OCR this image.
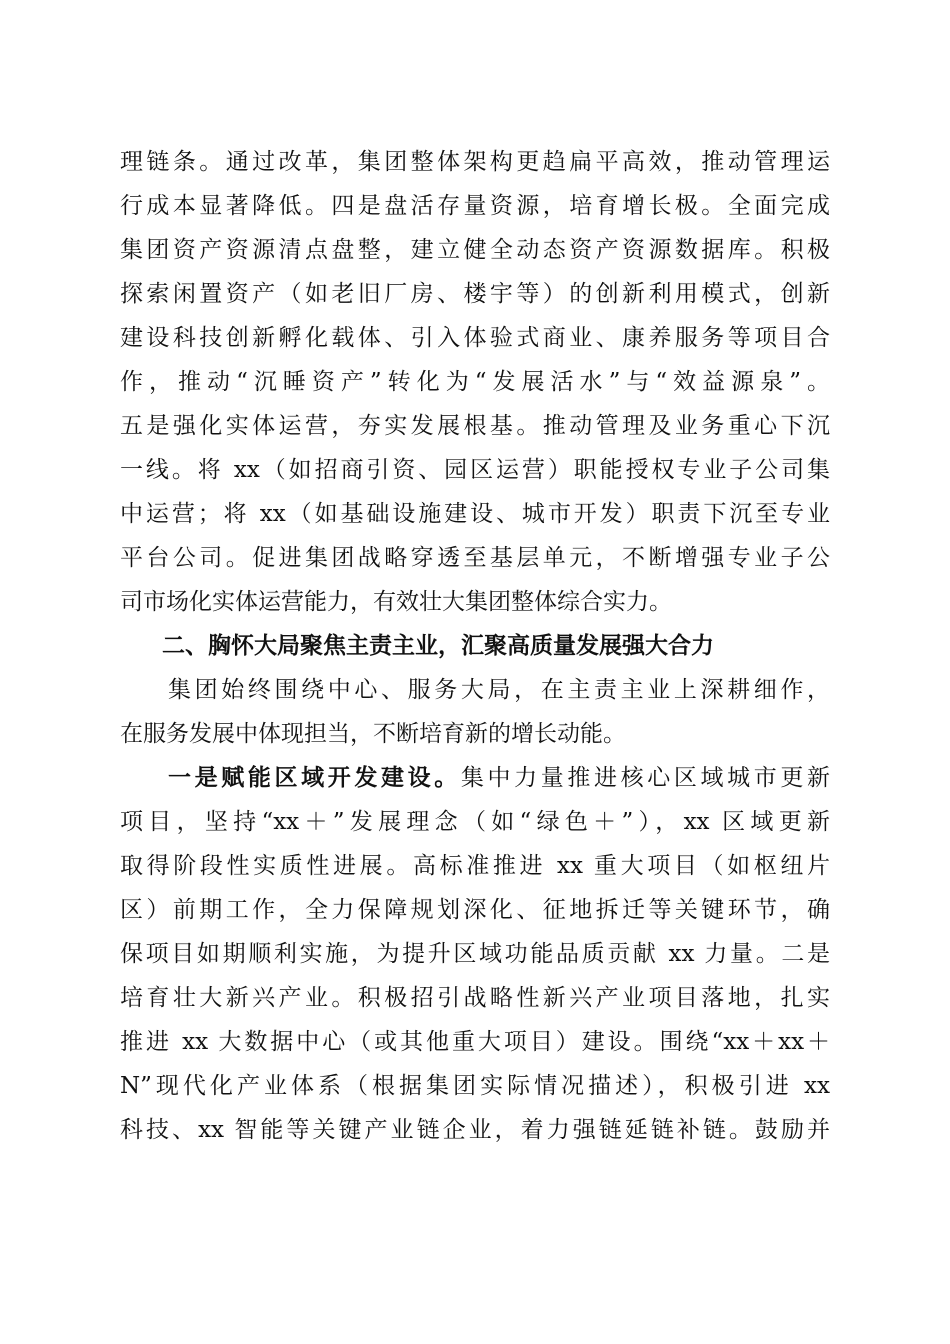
理链条。通过改革，集团整体架构更趋扁平高效，推动管理运
行成本显著降低。四是盘活存量资源，培育增长极。全面完成
集团资产资源清点盘整，建立健全动态资产资源数据库。积极
探索闲置资产（如老旧厂房、楼宇等）的创新利用模式，创新
建设科技创新孵化载体、引入体验式商业、康养服务等项目合
作，推动“沉睡资产”转化为“发展活水”与“效益源泉”。
五是强化实体运营，夯实发展根基。推动管理及业务重心下沉
一线。将 xx（如招商引资、园区运营）职能授权专业子公司集
中运营；将 xx（如基础设施建设、城市开发）职责下沉至专业
平台公司。促进集团战略穿透至基层单元，不断增强专业子公
司市场化实体运营能力，有效壮大集团整体综合实力。
二、胸怀大局聚焦主责主业，汇聚高质量发展强大合力
集团始终围绕中心、服务大局，在主责主业上深耕细作，
在服务发展中体现担当，不断培育新的增长动能。
一是赋能区域开发建设。集中力量推进核心区域城市更新
项目，坚持“xx＋”发展理念（如“绿色＋”），xx 区域更新
取得阶段性实质性进展。高标准推进 xx 重大项目（如枢纽片
区）前期工作，全力保障规划深化、征地拆迁等关键环节，确
保项目如期顺利实施，为提升区域功能品质贡献 xx 力量。二是
培育壮大新兴产业。积极招引战略性新兴产业项目落地，扎实
推进 xx 大数据中心（或其他重大项目）建设。围绕“xx＋xx＋
N”现代化产业体系（根据集团实际情况描述），积极引进 xx
科技、xx 智能等关键产业链企业，着力强链延链补链。鼓励并
